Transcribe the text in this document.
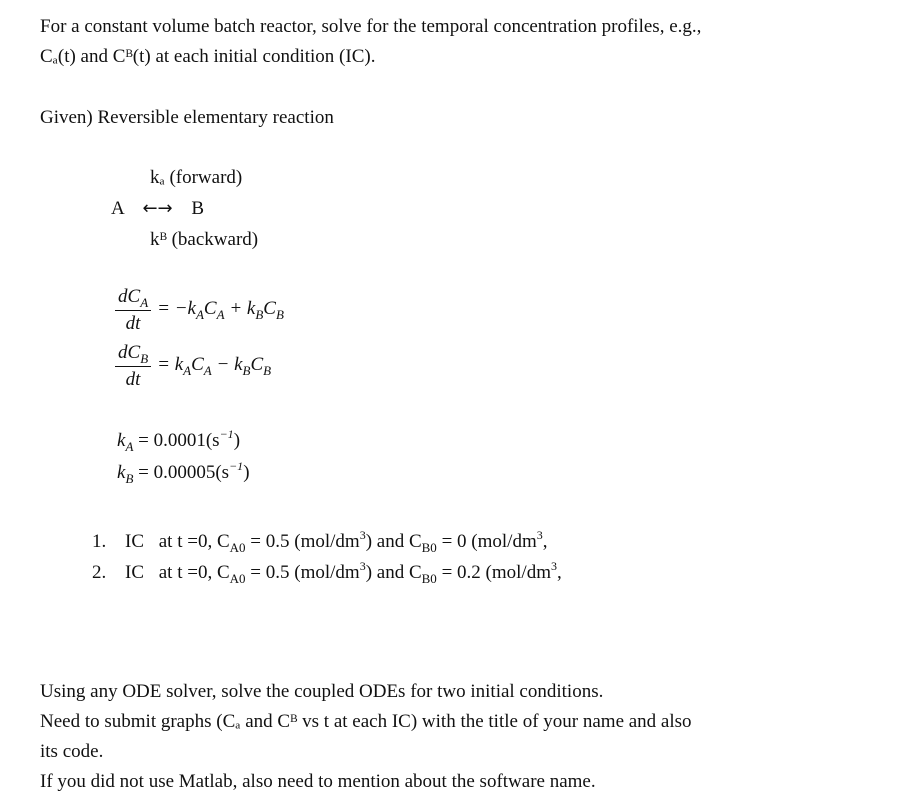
For a constant volume batch reactor, solve for the temporal concentration profiles, e.g.,
Cₐ(t) and Cᴮ(t) at each initial condition (IC).
Given) Reversible elementary reaction
kₐ (forward)
A ←→ B
kᴮ (backward)
$\frac{dC_A}{dt} = -k_AC_A + k_BC_B$
$\frac{dC_B}{dt} = k_AC_A - k_BC_B$
$k_A = 0.0001(s^{-1})$
$k_B = 0.00005(s^{-1})$
1. IC at t =0, $C_{A0} = 0.5$ $(mol/dm^3)$ and $C_{B0} = 0$ ($mol/dm^3$,
2. IC at t =0, $C_{A0} = 0.5$ $(mol/dm^3)$ and $C_{B0} = 0.2$ ($mol/dm^3$,
Using any ODE solver, solve the coupled ODEs for two initial conditions.
Need to submit graphs (Cₐ and Cᴮ vs t at each IC) with the title of your name and also
its code.
If you did not use Matlab, also need to mention about the software name.
